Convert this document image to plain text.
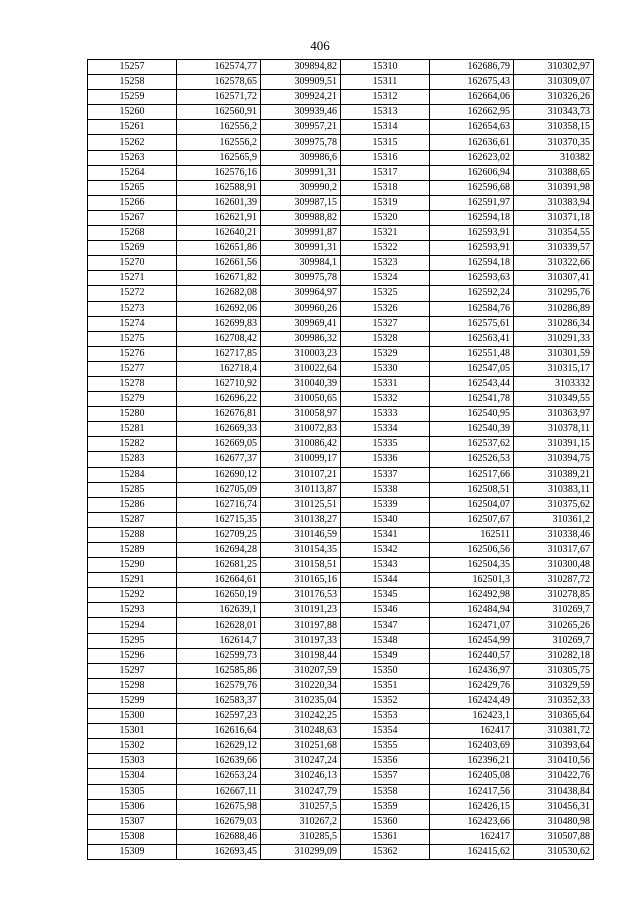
406
15257	162574,77	309894,82	15310	162686,79	310302,97
15258	162578,65	309909,51	15311	162675,43	310309,07
15259	162571,72	309924,21	15312	162664,06	310326,26
15260	162560,91	309939,46	15313	162662,95	310343,73
15261	162556,2	309957,21	15314	162654,63	310358,15
15262	162556,2	309975,78	15315	162636,61	310370,35
15263	162565,9	309986,6	15316	162623,02	310382
15264	162576,16	309991,31	15317	162606,94	310388,65
15265	162588,91	309990,2	15318	162596,68	310391,98
15266	162601,39	309987,15	15319	162591,97	310383,94
15267	162621,91	309988,82	15320	162594,18	310371,18
15268	162640,21	309991,87	15321	162593,91	310354,55
15269	162651,86	309991,31	15322	162593,91	310339,57
15270	162661,56	309984,1	15323	162594,18	310322,66
15271	162671,82	309975,78	15324	162593,63	310307,41
15272	162682,08	309964,97	15325	162592,24	310295,76
15273	162692,06	309960,26	15326	162584,76	310286,89
15274	162699,83	309969,41	15327	162575,61	310286,34
15275	162708,42	309986,32	15328	162563,41	310291,33
15276	162717,85	310003,23	15329	162551,48	310301,59
15277	162718,4	310022,64	15330	162547,05	310315,17
15278	162710,92	310040,39	15331	162543,44	3103332
15279	162696,22	310050,65	15332	162541,78	310349,55
15280	162676,81	310058,97	15333	162540,95	310363,97
15281	162669,33	310072,83	15334	162540,39	310378,11
15282	162669,05	310086,42	15335	162537,62	310391,15
15283	162677,37	310099,17	15336	162526,53	310394,75
15284	162690,12	310107,21	15337	162517,66	310389,21
15285	162705,09	310113,87	15338	162508,51	310383,11
15286	162716,74	310125,51	15339	162504,07	310375,62
15287	162715,35	310138,27	15340	162507,67	310361,2
15288	162709,25	310146,59	15341	162511	310338,46
15289	162694,28	310154,35	15342	162506,56	310317,67
15290	162681,25	310158,51	15343	162504,35	310300,48
15291	162664,61	310165,16	15344	162501,3	310287,72
15292	162650,19	310176,53	15345	162492,98	310278,85
15293	162639,1	310191,23	15346	162484,94	310269,7
15294	162628,01	310197,88	15347	162471,07	310265,26
15295	162614,7	310197,33	15348	162454,99	310269,7
15296	162599,73	310198,44	15349	162440,57	310282,18
15297	162585,86	310207,59	15350	162436,97	310305,75
15298	162579,76	310220,34	15351	162429,76	310329,59
15299	162583,37	310235,04	15352	162424,49	310352,33
15300	162597,23	310242,25	15353	162423,1	310365,64
15301	162616,64	310248,63	15354	162417	310381,72
15302	162629,12	310251,68	15355	162403,69	310393,64
15303	162639,66	310247,24	15356	162396,21	310410,56
15304	162653,24	310246,13	15357	162405,08	310422,76
15305	162667,11	310247,79	15358	162417,56	310438,84
15306	162675,98	310257,5	15359	162426,15	310456,31
15307	162679,03	310267,2	15360	162423,66	310480,98
15308	162688,46	310285,5	15361	162417	310507,88
15309	162693,45	310299,09	15362	162415,62	310530,62
